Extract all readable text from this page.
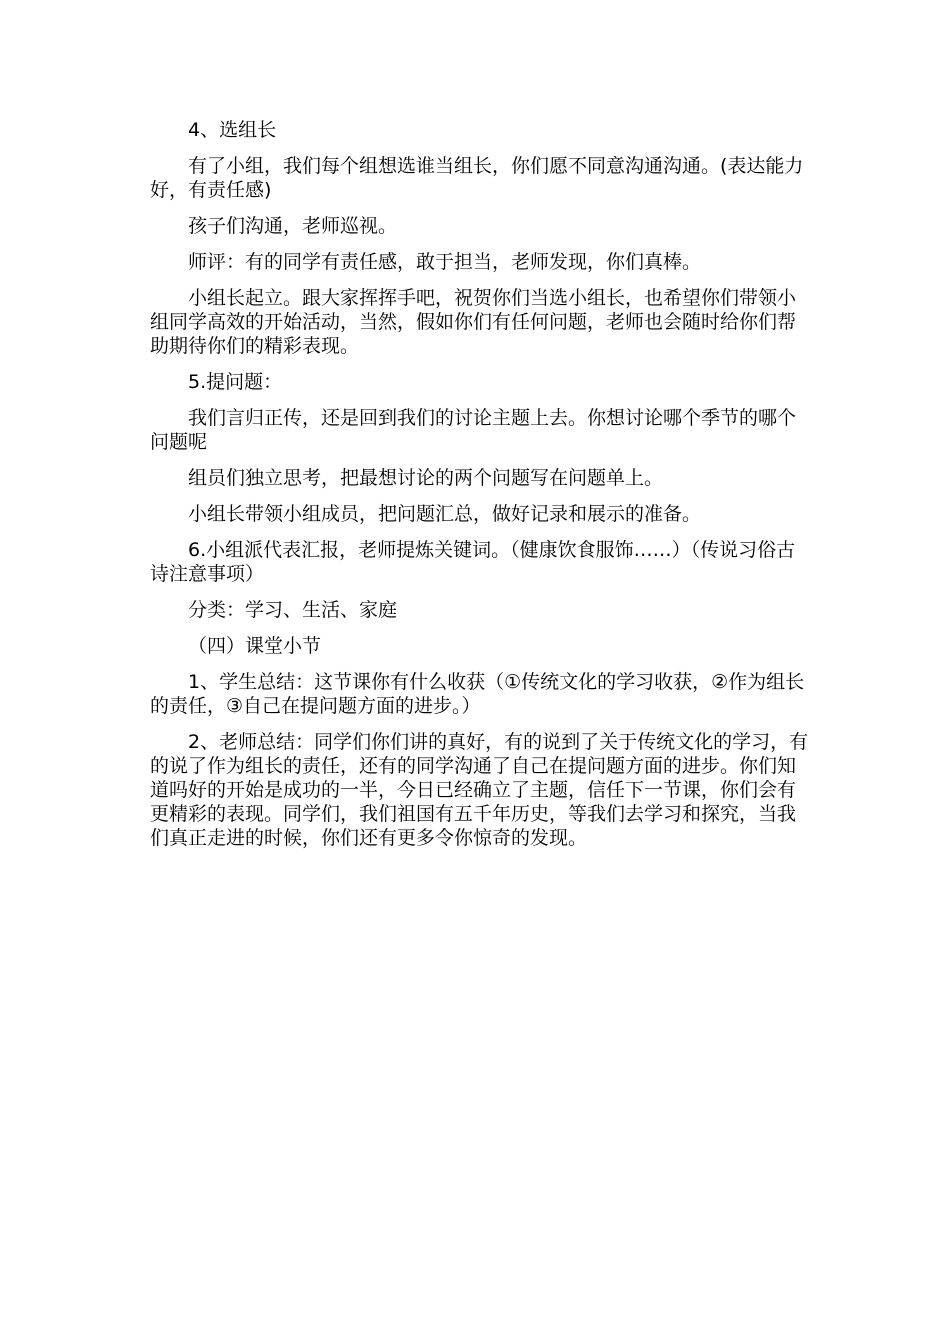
4、选组长

有了小组，我们每个组想选谁当组长，你们愿不同意沟通沟通。(表达能力好，有责任感)

孩子们沟通，老师巡视。

师评：有的同学有责任感，敢于担当，老师发现，你们真棒。

小组长起立。跟大家挥挥手吧，祝贺你们当选小组长，也希望你们带领小组同学高效的开始活动，当然，假如你们有任何问题，老师也会随时给你们帮助期待你们的精彩表现。

5.提问题：

我们言归正传，还是回到我们的讨论主题上去。你想讨论哪个季节的哪个问题呢

组员们独立思考，把最想讨论的两个问题写在问题单上。

小组长带领小组成员，把问题汇总，做好记录和展示的准备。

6.小组派代表汇报，老师提炼关键词。（健康饮食服饰……）（传说习俗古诗注意事项）

分类：学习、生活、家庭

（四）课堂小节

1、学生总结：这节课你有什么收获（①传统文化的学习收获，②作为组长的责任，③自己在提问题方面的进步。）

2、老师总结：同学们你们讲的真好，有的说到了关于传统文化的学习，有的说了作为组长的责任，还有的同学沟通了自己在提问题方面的进步。你们知道吗好的开始是成功的一半，今日已经确立了主题，信任下一节课，你们会有更精彩的表现。同学们，我们祖国有五千年历史，等我们去学习和探究，当我们真正走进的时候，你们还有更多令你惊奇的发现。
